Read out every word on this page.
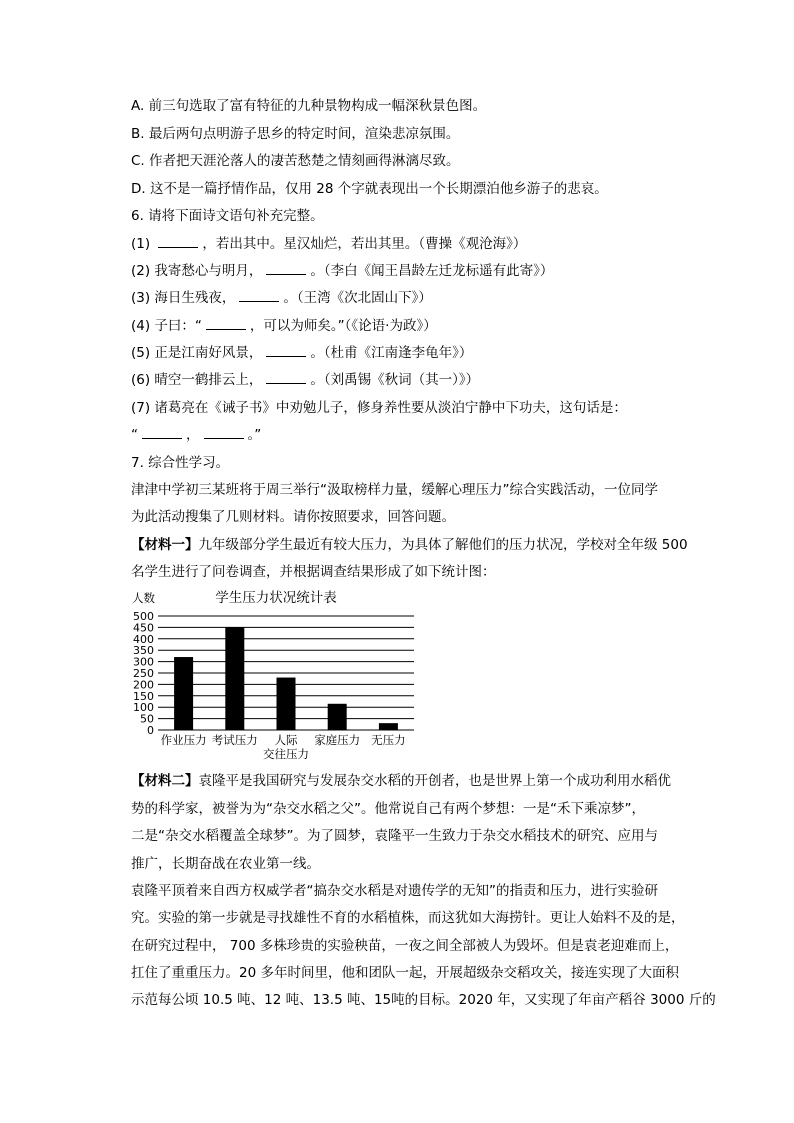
A. 前三句选取了富有特征的九种景物构成一幅深秋景色图。
B. 最后两句点明游子思乡的特定时间，渲染悲凉氛围。
C. 作者把天涯沦落人的凄苦愁楚之情刻画得淋漓尽致。
D. 这不是一篇抒情作品，仅用 28 个字就表现出一个长期漂泊他乡游子的悲哀。
6. 请将下面诗文语句补充完整。
(1)	，若出其中。星汉灿烂，若出其里。（曹操《观沧海》）
(2) 我寄愁心与明月，	。（李白《闻王昌龄左迁龙标遥有此寄》）
(3) 海日生残夜，	。（王湾《次北固山下》）
(4) 子曰：“	，可以为师矣。”（《论语·为政》）
(5) 正是江南好风景，	。（杜甫《江南逢李龟年》）
(6) 晴空一鹤排云上，	。（刘禹锡《秋词（其一）》）
(7) 诸葛亮在《诫子书》中劝勉儿子，修身养性要从淡泊宁静中下功夫，这句话是：
“	，	。”
7. 综合性学习。
津津中学初三某班将于周三举行“汲取榜样力量，缓解心理压力”综合实践活动，一位同学
为此活动搜集了几则材料。请你按照要求，回答问题。
【材料一】九年级部分学生最近有较大压力，为具体了解他们的压力状况，学校对全年级 500
名学生进行了问卷调查，并根据调查结果形成了如下统计图：
学生压力状况统计表
人数
0
50
100
150
200
250
300
350
400
450
500
作业压力 考试压力 人际
交往压力
家庭压力 无压力
【材料二】袁隆平是我国研究与发展杂交水稻的开创者，也是世界上第一个成功利用水稻优
势的科学家，被誉为为“杂交水稻之父”。他常说自己有两个梦想：一是“禾下乘凉梦”，
二是“杂交水稻覆盖全球梦”。为了圆梦，袁隆平一生致力于杂交水稻技术的研究、应用与
推广，长期奋战在农业第一线。
袁隆平顶着来自西方权威学者“搞杂交水稻是对遗传学的无知”的指责和压力，进行实验研
究。实验的第一步就是寻找雄性不育的水稻植株，而这犹如大海捞针。更让人始料不及的是，
在研究过程中， 700 多株珍贵的实验秧苗，一夜之间全部被人为毁坏。但是袁老迎难而上，
扛住了重重压力。20 多年时间里，他和团队一起，开展超级杂交稻攻关，接连实现了大面积
示范每公顷 10.5 吨、12 吨、13.5 吨、15吨的目标。2020 年，又实现了年亩产稻谷 3000 斤的
